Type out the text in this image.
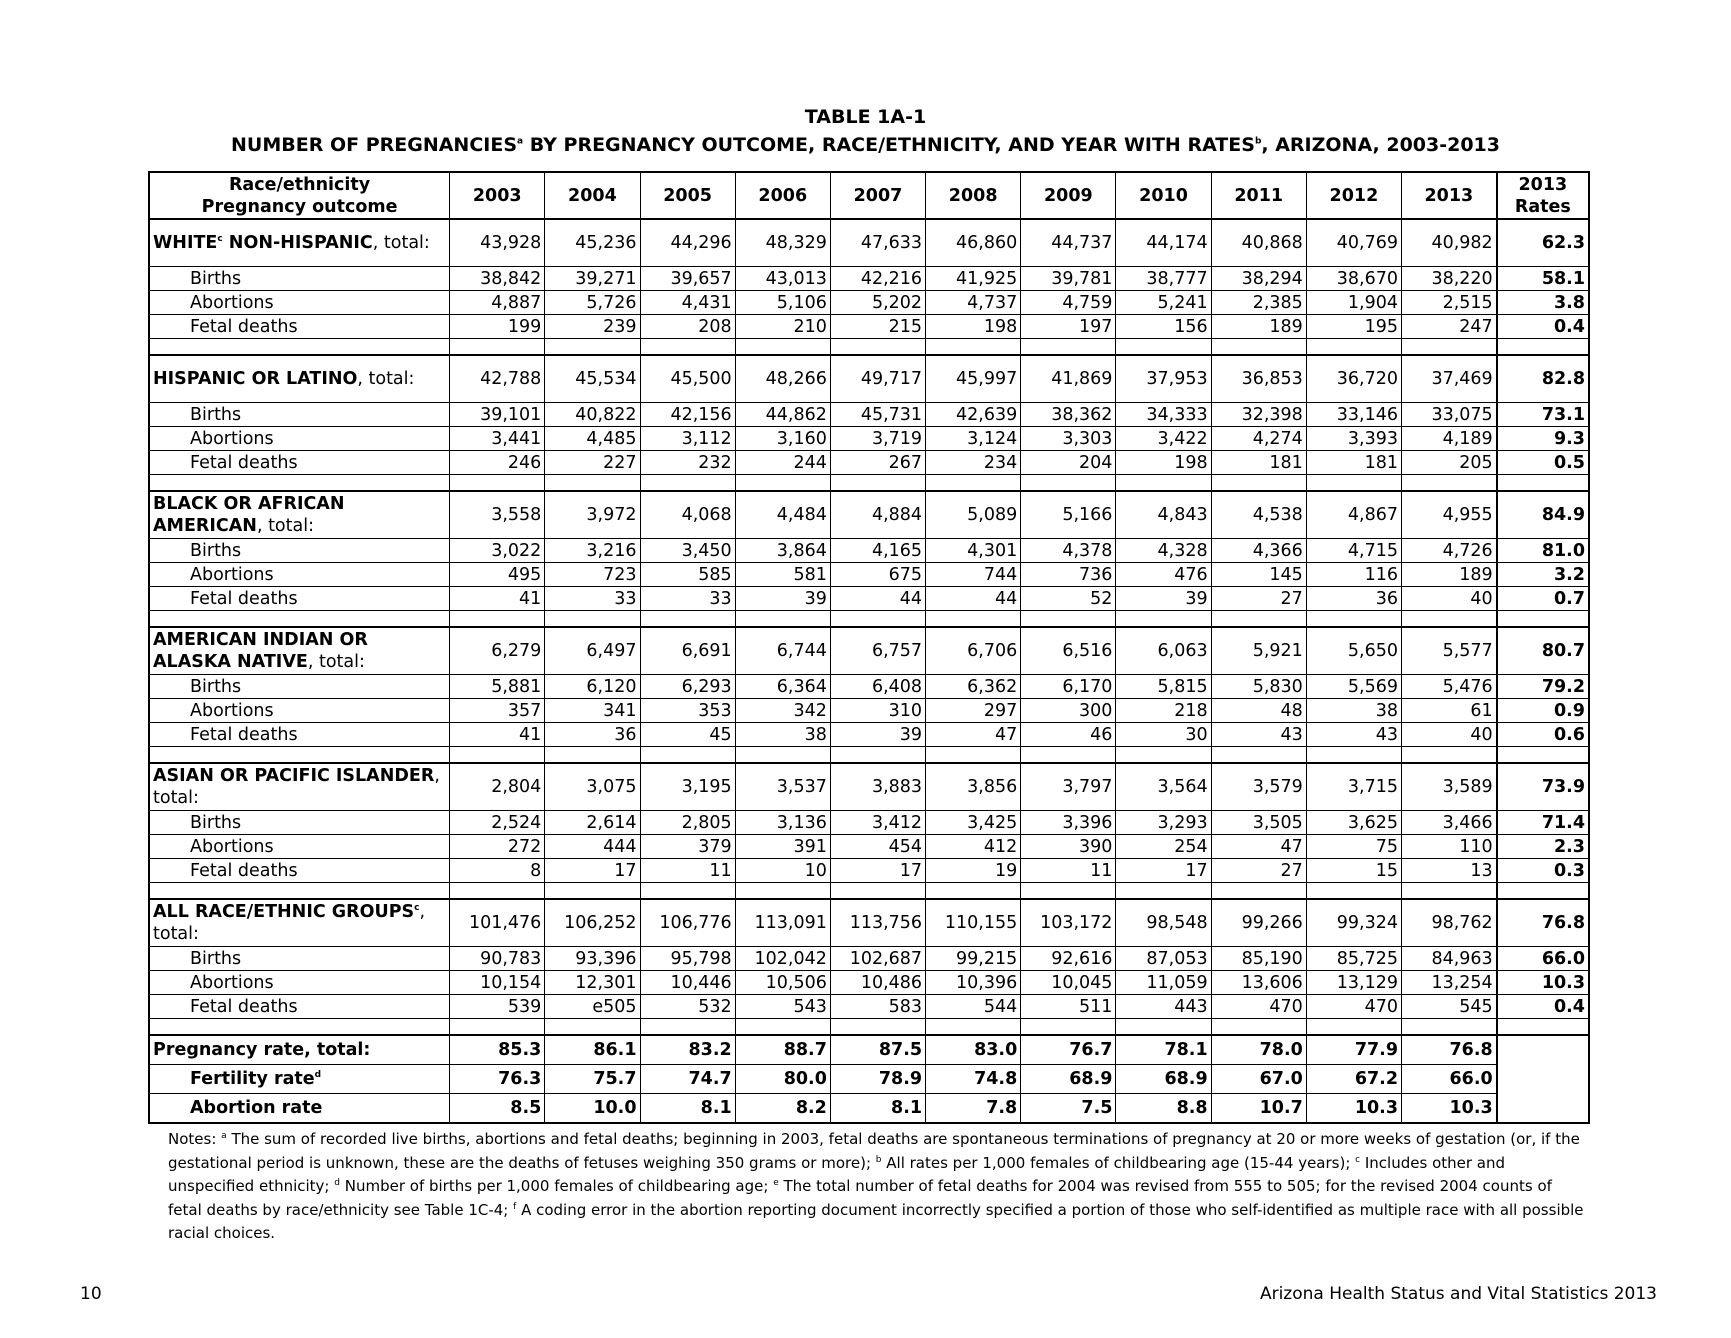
TABLE 1A-1
NUMBER OF PREGNANCIES$^a$ BY PREGNANCY OUTCOME, RACE/ETHNICITY, AND YEAR WITH RATES$^b$, ARIZONA, 2003-2013
Race/ethnicity
Pregnancy outcome	2003	2004	2005	2006	2007	2008	2009	2010	2011	2012	2013	2013
Rates
WHITE$^c$ NON-HISPANIC, total:	43,928	45,236	44,296	48,329	47,633	46,860	44,737	44,174	40,868	40,769	40,982	62.3
Births	38,842	39,271	39,657	43,013	42,216	41,925	39,781	38,777	38,294	38,670	38,220	58.1
Abortions	4,887	5,726	4,431	5,106	5,202	4,737	4,759	5,241	2,385	1,904	2,515	3.8
Fetal deaths	199	239	208	210	215	198	197	156	189	195	247	0.4

HISPANIC OR LATINO, total:	42,788	45,534	45,500	48,266	49,717	45,997	41,869	37,953	36,853	36,720	37,469	82.8
Births	39,101	40,822	42,156	44,862	45,731	42,639	38,362	34,333	32,398	33,146	33,075	73.1
Abortions	3,441	4,485	3,112	3,160	3,719	3,124	3,303	3,422	4,274	3,393	4,189	9.3
Fetal deaths	246	227	232	244	267	234	204	198	181	181	205	0.5

BLACK OR AFRICAN AMERICAN, total:	3,558	3,972	4,068	4,484	4,884	5,089	5,166	4,843	4,538	4,867	4,955	84.9
Births	3,022	3,216	3,450	3,864	4,165	4,301	4,378	4,328	4,366	4,715	4,726	81.0
Abortions	495	723	585	581	675	744	736	476	145	116	189	3.2
Fetal deaths	41	33	33	39	44	44	52	39	27	36	40	0.7

AMERICAN INDIAN OR ALASKA NATIVE, total:	6,279	6,497	6,691	6,744	6,757	6,706	6,516	6,063	5,921	5,650	5,577	80.7
Births	5,881	6,120	6,293	6,364	6,408	6,362	6,170	5,815	5,830	5,569	5,476	79.2
Abortions	357	341	353	342	310	297	300	218	48	38	61	0.9
Fetal deaths	41	36	45	38	39	47	46	30	43	43	40	0.6

ASIAN OR PACIFIC ISLANDER, total:	2,804	3,075	3,195	3,537	3,883	3,856	3,797	3,564	3,579	3,715	3,589	73.9
Births	2,524	2,614	2,805	3,136	3,412	3,425	3,396	3,293	3,505	3,625	3,466	71.4
Abortions	272	444	379	391	454	412	390	254	47	75	110	2.3
Fetal deaths	8	17	11	10	17	19	11	17	27	15	13	0.3

ALL RACE/ETHNIC GROUPS$^c$, total:	101,476	106,252	106,776	113,091	113,756	110,155	103,172	98,548	99,266	99,324	98,762	76.8
Births	90,783	93,396	95,798	102,042	102,687	99,215	92,616	87,053	85,190	85,725	84,963	66.0
Abortions	10,154	12,301	10,446	10,506	10,486	10,396	10,045	11,059	13,606	13,129	13,254	10.3
Fetal deaths	539	e505	532	543	583	544	511	443	470	470	545	0.4

Pregnancy rate, total:	85.3	86.1	83.2	88.7	87.5	83.0	76.7	78.1	78.0	77.9	76.8	
Fertility rate$^d$	76.3	75.7	74.7	80.0	78.9	74.8	68.9	68.9	67.0	67.2	66.0	
Abortion rate	8.5	10.0	8.1	8.2	8.1	7.8	7.5	8.8	10.7	10.3	10.3	
Notes: $^a$ The sum of recorded live births, abortions and fetal deaths; beginning in 2003, fetal deaths are spontaneous terminations of pregnancy at 20 or more weeks of gestation (or, if the gestational period is unknown, these are the deaths of fetuses weighing 350 grams or more); $^b$ All rates per 1,000 females of childbearing age (15-44 years); $^c$ Includes other and unspecified ethnicity; $^d$ Number of births per 1,000 females of childbearing age; $^e$ The total number of fetal deaths for 2004 was revised from 555 to 505; for the revised 2004 counts of fetal deaths by race/ethnicity see Table 1C-4; $^f$ A coding error in the abortion reporting document incorrectly specified a portion of those who self-identified as multiple race with all possible racial choices.
10	Arizona Health Status and Vital Statistics 2013
